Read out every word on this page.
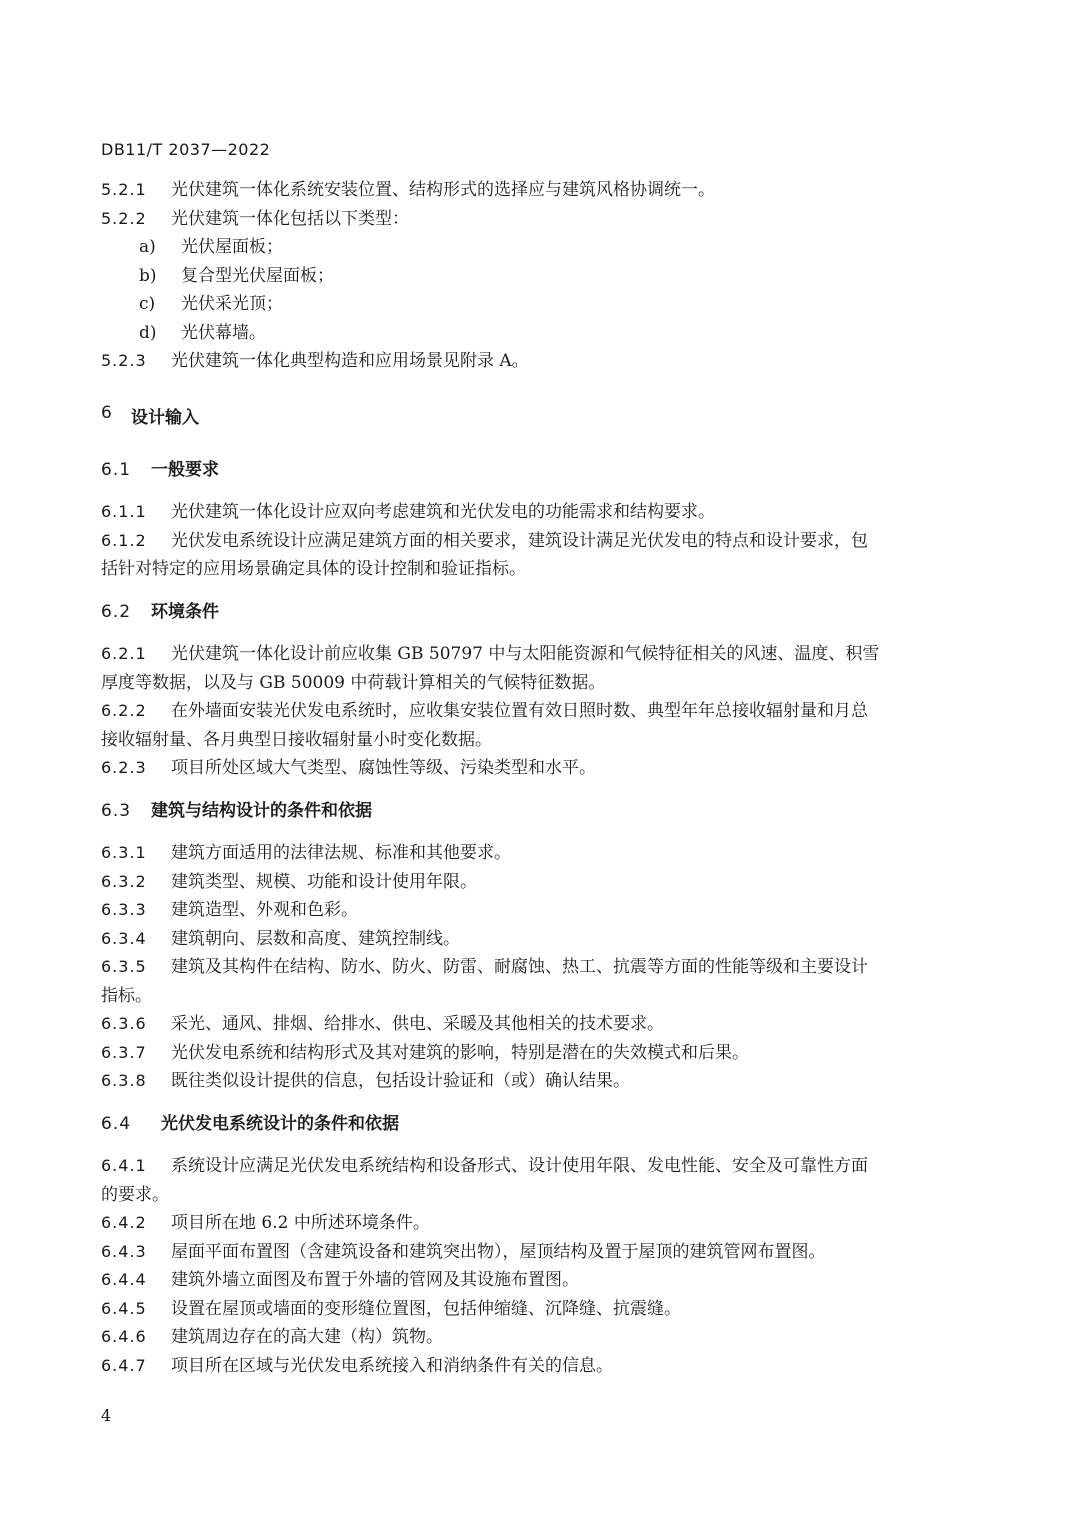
DB11/T 2037—2022
5.2.1	光伏建筑一体化系统安装位置、结构形式的选择应与建筑风格协调统一。
5.2.2	光伏建筑一体化包括以下类型：
a)	光伏屋面板；
b)	复合型光伏屋面板；
c)	光伏采光顶；
d)	光伏幕墙。
5.2.3	光伏建筑一体化典型构造和应用场景见附录 A。
6	设计输入
6.1	一般要求
6.1.1	光伏建筑一体化设计应双向考虑建筑和光伏发电的功能需求和结构要求。
6.1.2	光伏发电系统设计应满足建筑方面的相关要求，建筑设计满足光伏发电的特点和设计要求，包
括针对特定的应用场景确定具体的设计控制和验证指标。
6.2	环境条件
6.2.1	光伏建筑一体化设计前应收集 GB 50797 中与太阳能资源和气候特征相关的风速、温度、积雪
厚度等数据，以及与 GB 50009 中荷载计算相关的气候特征数据。
6.2.2	在外墙面安装光伏发电系统时，应收集安装位置有效日照时数、典型年年总接收辐射量和月总
接收辐射量、各月典型日接收辐射量小时变化数据。
6.2.3	项目所处区域大气类型、腐蚀性等级、污染类型和水平。
6.3	建筑与结构设计的条件和依据
6.3.1	建筑方面适用的法律法规、标准和其他要求。
6.3.2	建筑类型、规模、功能和设计使用年限。
6.3.3	建筑造型、外观和色彩。
6.3.4	建筑朝向、层数和高度、建筑控制线。
6.3.5	建筑及其构件在结构、防水、防火、防雷、耐腐蚀、热工、抗震等方面的性能等级和主要设计
指标。
6.3.6	采光、通风、排烟、给排水、供电、采暖及其他相关的技术要求。
6.3.7	光伏发电系统和结构形式及其对建筑的影响，特别是潜在的失效模式和后果。
6.3.8	既往类似设计提供的信息，包括设计验证和（或）确认结果。
6.4	光伏发电系统设计的条件和依据
6.4.1	系统设计应满足光伏发电系统结构和设备形式、设计使用年限、发电性能、安全及可靠性方面
的要求。
6.4.2	项目所在地 6.2 中所述环境条件。
6.4.3	屋面平面布置图（含建筑设备和建筑突出物），屋顶结构及置于屋顶的建筑管网布置图。
6.4.4	建筑外墙立面图及布置于外墙的管网及其设施布置图。
6.4.5	设置在屋顶或墙面的变形缝位置图，包括伸缩缝、沉降缝、抗震缝。
6.4.6	建筑周边存在的高大建（构）筑物。
6.4.7	项目所在区域与光伏发电系统接入和消纳条件有关的信息。
4
